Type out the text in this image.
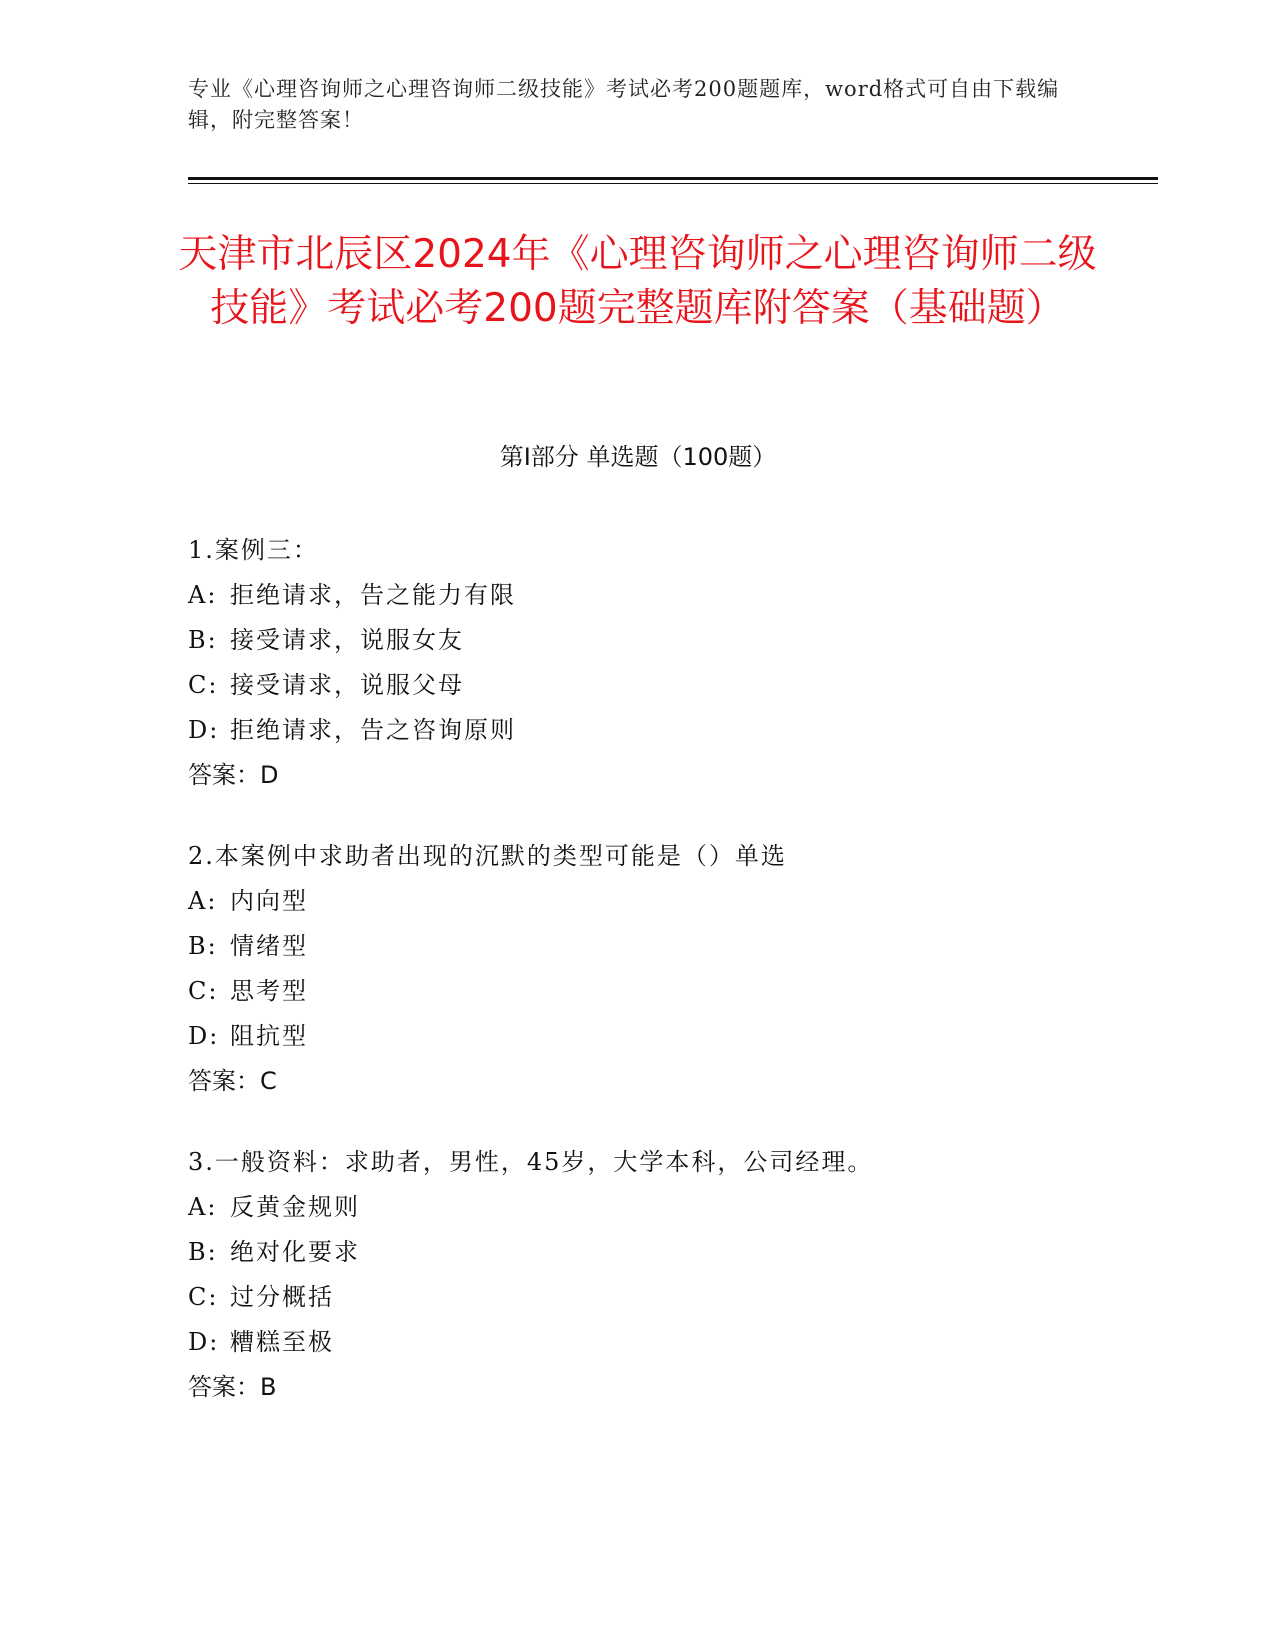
专业《心理咨询师之心理咨询师二级技能》考试必考200题题库，word格式可自由下载编辑，附完整答案！
天津市北辰区2024年《心理咨询师之心理咨询师二级技能》考试必考200题完整题库附答案（基础题）
第Ⅰ部分 单选题（100题）
1.案例三：
A: 拒绝请求，告之能力有限
B: 接受请求，说服女友
C: 接受请求，说服父母
D: 拒绝请求，告之咨询原则
答案：D
2.本案例中求助者出现的沉默的类型可能是（）单选
A: 内向型
B: 情绪型
C: 思考型
D: 阻抗型
答案：C
3.一般资料：求助者，男性，45岁，大学本科，公司经理。
A: 反黄金规则
B: 绝对化要求
C: 过分概括
D: 糟糕至极
答案：B
